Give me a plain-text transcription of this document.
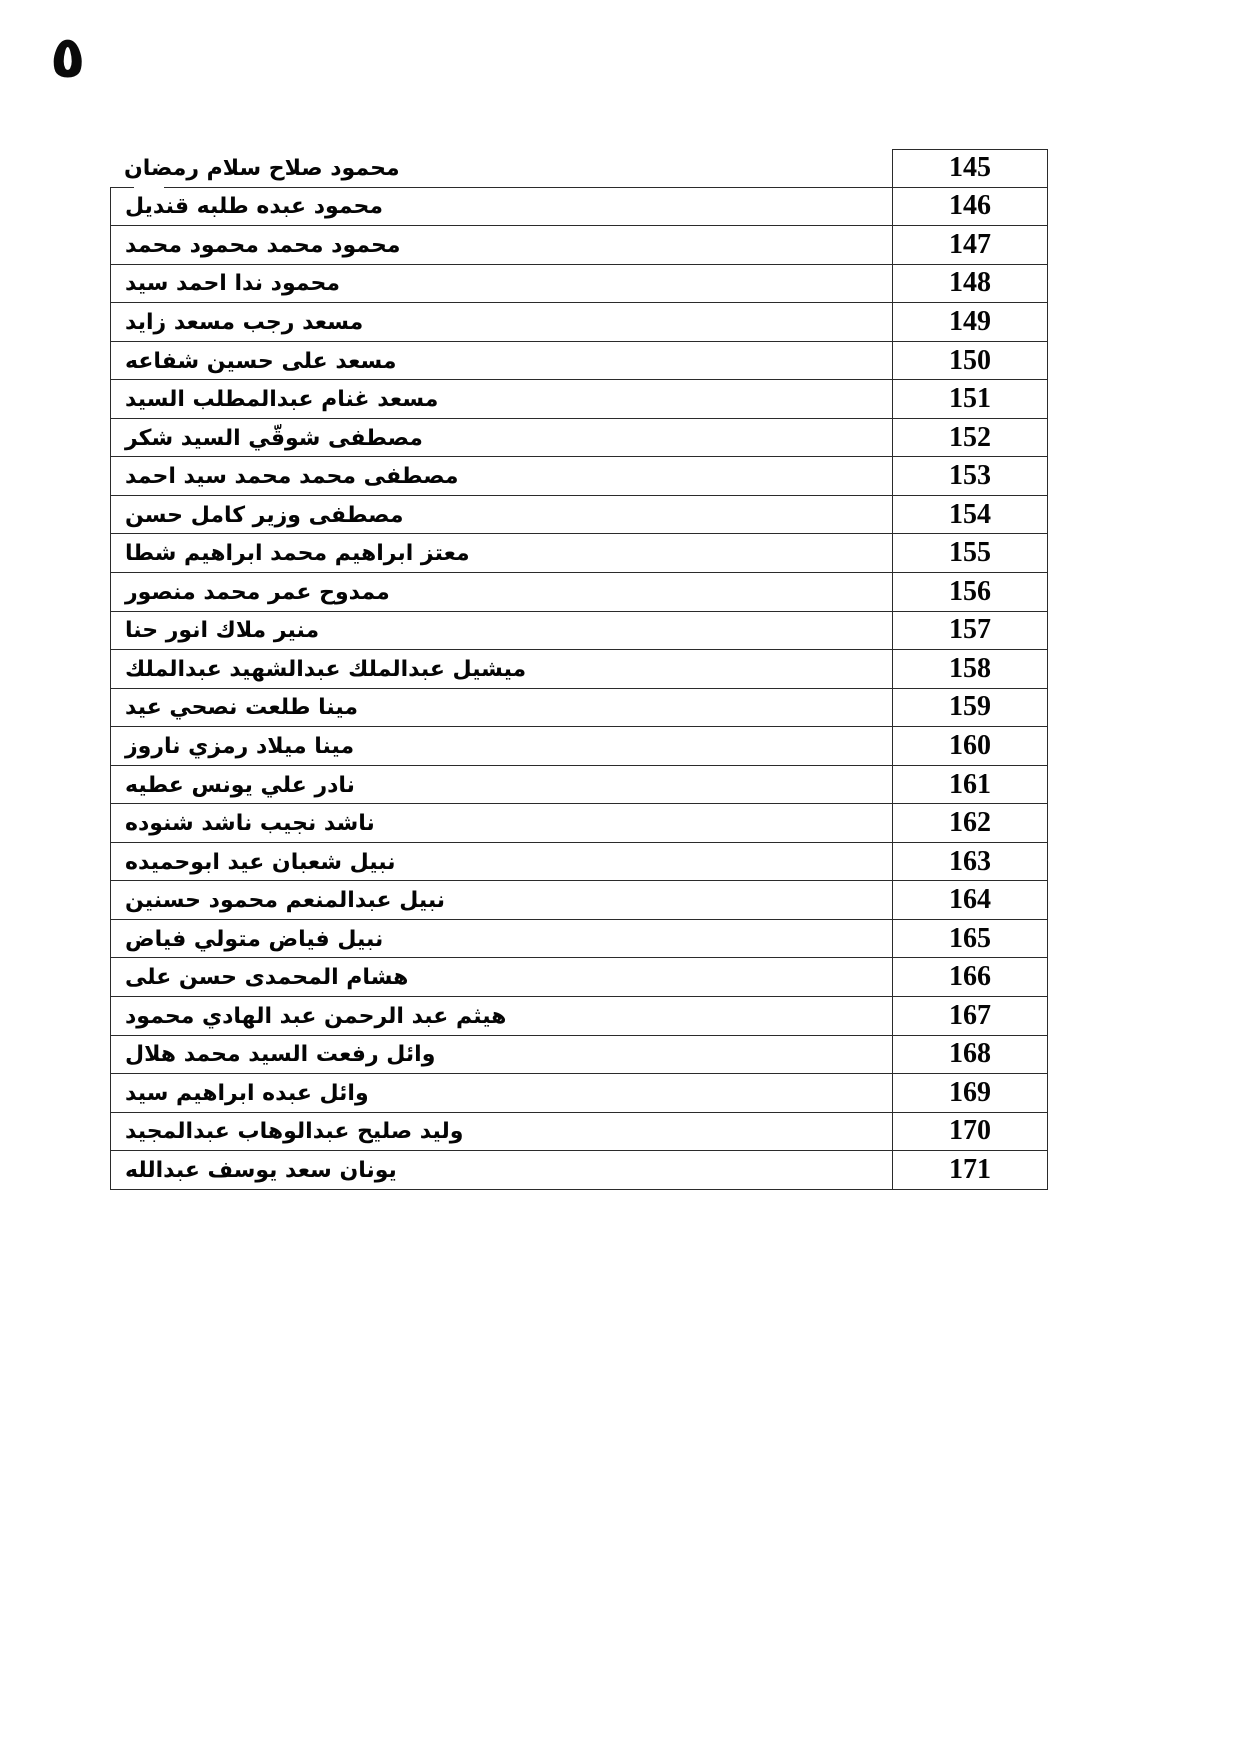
٥
محمود صلاح سلام رمضان	145
محمود عبده طلبه قنديل	146
محمود محمد محمود محمد	147
محمود ندا احمد سيد	148
مسعد رجب مسعد زايد	149
مسعد على حسين شفاعه	150
مسعد غنام عبدالمطلب السيد	151
مصطفى شوقّي السيد شكر	152
مصطفى محمد محمد سيد احمد	153
مصطفى وزير كامل حسن	154
معتز ابراهيم محمد ابراهيم شطا	155
ممدوح عمر محمد منصور	156
منير ملاك انور حنا	157
ميشيل عبدالملك عبدالشهيد عبدالملك	158
مينا طلعت نصحي عيد	159
مينا ميلاد رمزي ناروز	160
نادر علي يونس عطيه	161
ناشد نجيب ناشد شنوده	162
نبيل شعبان عيد ابوحميده	163
نبيل عبدالمنعم محمود حسنين	164
نبيل فياض متولي فياض	165
هشام المحمدى حسن على	166
هيثم عبد الرحمن عبد الهادي محمود	167
وائل رفعت السيد محمد هلال	168
وائل عبده ابراهيم سيد	169
وليد صليح عبدالوهاب عبدالمجيد	170
يونان سعد يوسف عبدالله	171
